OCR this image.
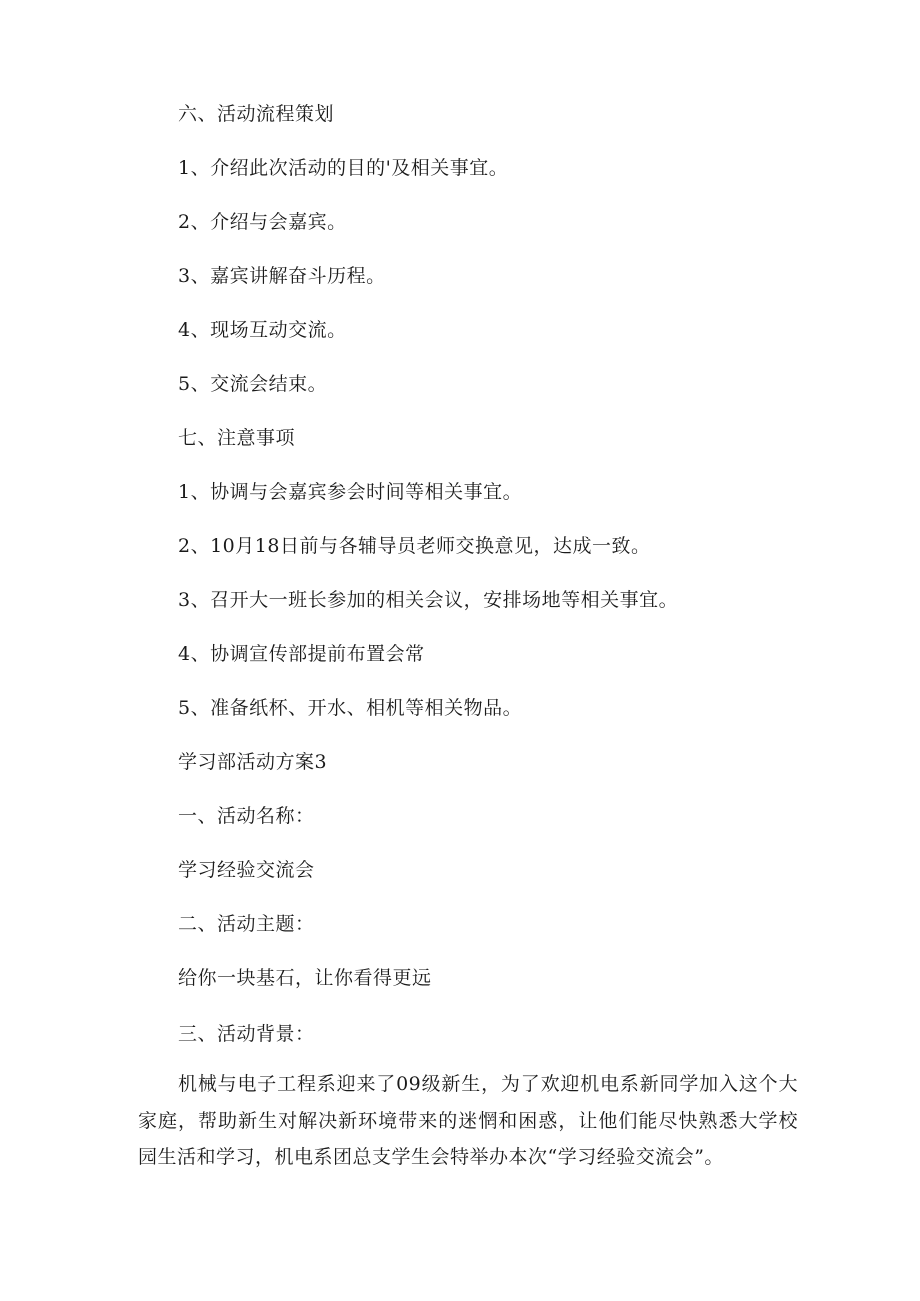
六、活动流程策划
1、介绍此次活动的目的'及相关事宜。
2、介绍与会嘉宾。
3、嘉宾讲解奋斗历程。
4、现场互动交流。
5、交流会结束。
七、注意事项
1、协调与会嘉宾参会时间等相关事宜。
2、10月18日前与各辅导员老师交换意见，达成一致。
3、召开大一班长参加的相关会议，安排场地等相关事宜。
4、协调宣传部提前布置会常
5、准备纸杯、开水、相机等相关物品。
学习部活动方案3
一、活动名称：
学习经验交流会
二、活动主题：
给你一块基石，让你看得更远
三、活动背景：
机械与电子工程系迎来了09级新生，为了欢迎机电系新同学加入这个大家庭，帮助新生对解决新环境带来的迷惘和困惑，让他们能尽快熟悉大学校园生活和学习，机电系团总支学生会特举办本次“学习经验交流会”。
